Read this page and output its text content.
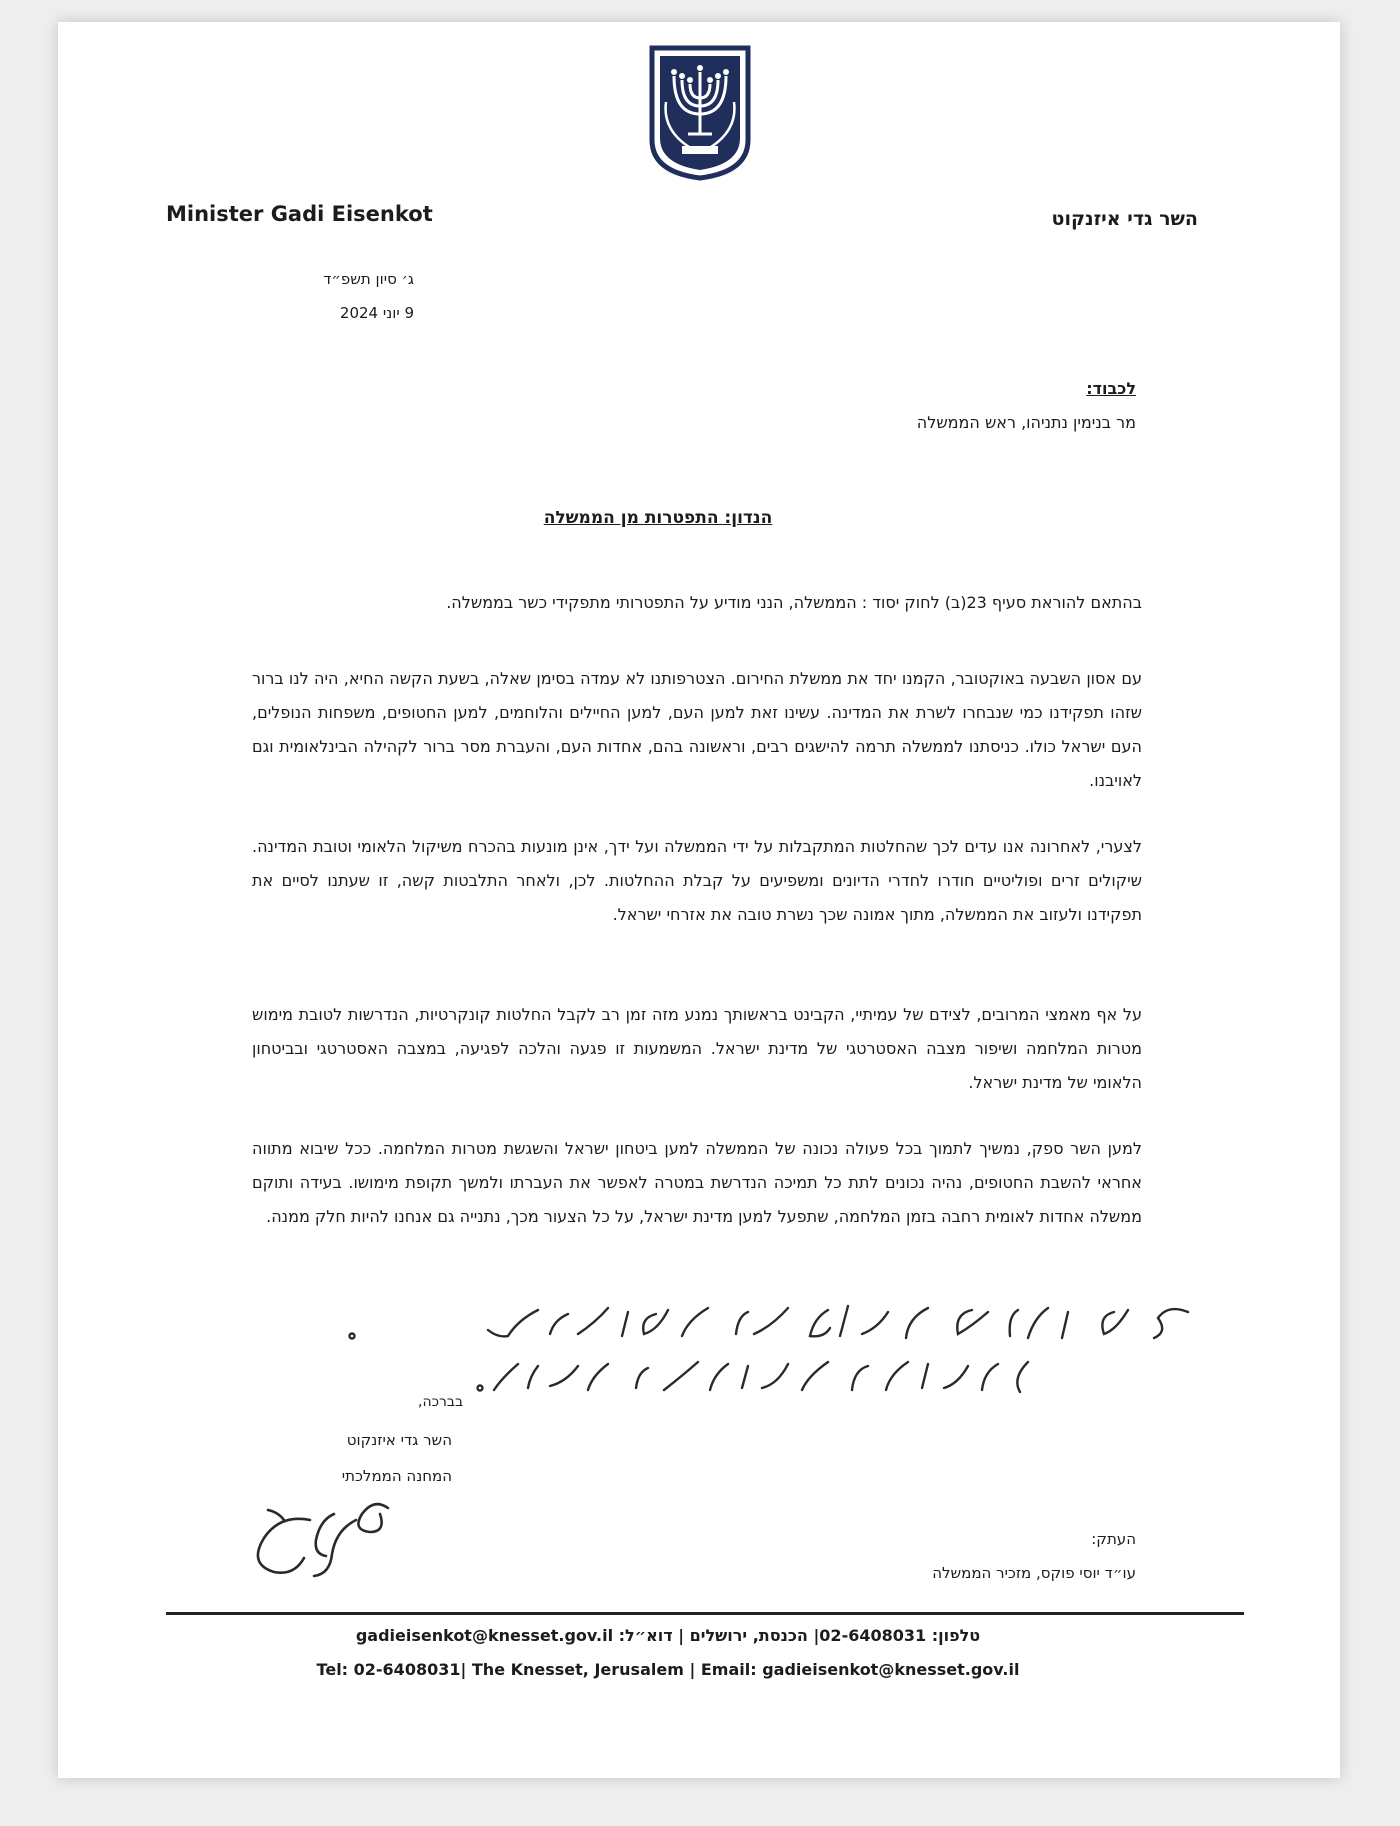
Minister Gadi Eisenkot	השר גדי איזנקוט
ג׳ סיון תשפ״ד
9 יוני 2024
לכבוד:
מר בנימין נתניהו, ראש הממשלה
הנדון: התפטרות מן הממשלה
בהתאם להוראת סעיף 23(ב) לחוק יסוד : הממשלה, הנני מודיע על התפטרותי מתפקידי כשר בממשלה.
עם אסון השבעה באוקטובר, הקמנו יחד את ממשלת החירום. הצטרפותנו לא עמדה בסימן שאלה, בשעת הקשה החיא, היה לנו ברור שזהו תפקידנו כמי שנבחרו לשרת את המדינה. עשינו זאת למען העם, למען החיילים והלוחמים, למען החטופים, משפחות הנופלים, העם ישראל כולו. כניסתנו לממשלה תרמה להישגים רבים, וראשונה בהם, אחדות העם, והעברת מסר ברור לקהילה הבינלאומית וגם לאויבנו.
לצערי, לאחרונה אנו עדים לכך שהחלטות המתקבלות על ידי הממשלה ועל ידך, אינן מונעות בהכרח משיקול הלאומי וטובת המדינה. שיקולים זרים ופוליטיים חודרו לחדרי הדיונים ומשפיעים על קבלת ההחלטות. לכן, ולאחר התלבטות קשה, זו שעתנו לסיים את תפקידנו ולעזוב את הממשלה, מתוך אמונה שכך נשרת טובה את אזרחי ישראל.
על אף מאמצי המרובים, לצידם של עמיתיי, הקבינט בראשותך נמנע מזה זמן רב לקבל החלטות קונקרטיות, הנדרשות לטובת מימוש מטרות המלחמה ושיפור מצבה האסטרטגי של מדינת ישראל. המשמעות זו פגעה והלכה לפגיעה, במצבה האסטרטגי ובביטחון הלאומי של מדינת ישראל.
למען השר ספק, נמשיך לתמוך בכל פעולה נכונה של הממשלה למען ביטחון ישראל והשגשת מטרות המלחמה. ככל שיבוא מתווה אחראי להשבת החטופים, נהיה נכונים לתת כל תמיכה הנדרשת במטרה לאפשר את העברתו ולמשך תקופת מימושו. בעידה ותוקם ממשלה אחדות לאומית רחבה בזמן המלחמה, שתפעל למען מדינת ישראל, על כל הצעור מכך, נתנייה גם אנחנו להיות חלק ממנה.
בברכה,
השר גדי איזנקוט
המחנה הממלכתי
העתק:
עו״ד יוסי פוקס, מזכיר הממשלה
טלפון: 02-6408031| הכנסת, ירושלים | דוא״ל: gadieisenkot@knesset.gov.il
Tel: 02-6408031| The Knesset, Jerusalem | Email: gadieisenkot@knesset.gov.il
